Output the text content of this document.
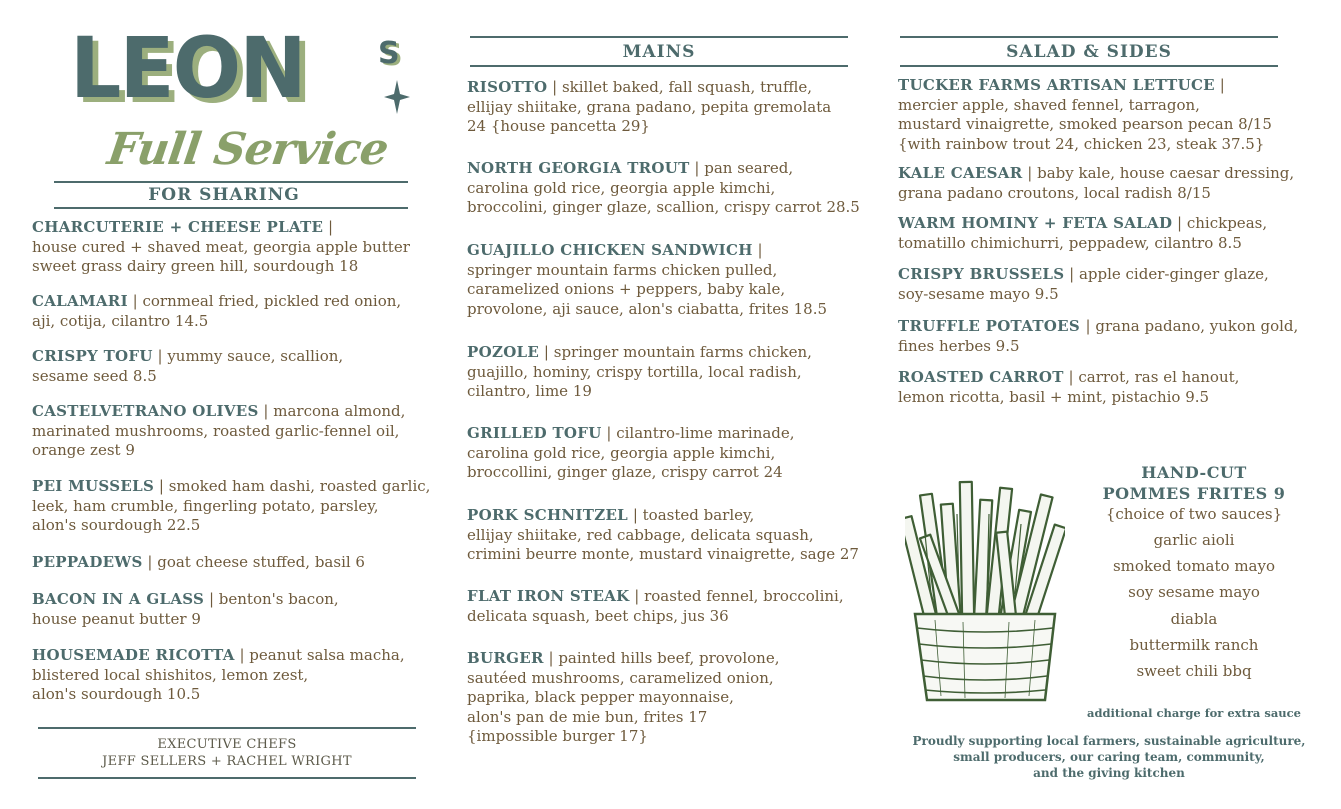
LEON S
Full Service
FOR SHARING
CHARCUTERIE + CHEESE PLATE |
house cured + shaved meat, georgia apple butter
sweet grass dairy green hill, sourdough 18
CALAMARI | cornmeal fried, pickled red onion,
aji, cotija, cilantro 14.5
CRISPY TOFU | yummy sauce, scallion,
sesame seed 8.5
CASTELVETRANO OLIVES | marcona almond,
marinated mushrooms, roasted garlic-fennel oil,
orange zest 9
PEI MUSSELS | smoked ham dashi, roasted garlic,
leek, ham crumble, fingerling potato, parsley,
alon's sourdough 22.5
PEPPADEWS | goat cheese stuffed, basil 6
BACON IN A GLASS | benton's bacon,
house peanut butter 9
HOUSEMADE RICOTTA | peanut salsa macha,
blistered local shishitos, lemon zest,
alon's sourdough 10.5
EXECUTIVE CHEFS
JEFF SELLERS + RACHEL WRIGHT
MAINS
RISOTTO | skillet baked, fall squash, truffle,
ellijay shiitake, grana padano, pepita gremolata
24 {house pancetta 29}
NORTH GEORGIA TROUT | pan seared,
carolina gold rice, georgia apple kimchi,
broccolini, ginger glaze, scallion, crispy carrot 28.5
GUAJILLO CHICKEN SANDWICH |
springer mountain farms chicken pulled,
caramelized onions + peppers, baby kale,
provolone, aji sauce, alon's ciabatta, frites 18.5
POZOLE | springer mountain farms chicken,
guajillo, hominy, crispy tortilla, local radish,
cilantro, lime 19
GRILLED TOFU | cilantro-lime marinade,
carolina gold rice, georgia apple kimchi,
broccollini, ginger glaze, crispy carrot 24
PORK SCHNITZEL | toasted barley,
ellijay shiitake, red cabbage, delicata squash,
crimini beurre monte, mustard vinaigrette, sage 27
FLAT IRON STEAK | roasted fennel, broccolini,
delicata squash, beet chips, jus 36
BURGER | painted hills beef, provolone,
sautéed mushrooms, caramelized onion,
paprika, black pepper mayonnaise,
alon's pan de mie bun, frites 17
{impossible burger 17}
SALAD & SIDES
TUCKER FARMS ARTISAN LETTUCE |
mercier apple, shaved fennel, tarragon,
mustard vinaigrette, smoked pearson pecan 8/15
{with rainbow trout 24, chicken 23, steak 37.5}
KALE CAESAR | baby kale, house caesar dressing,
grana padano croutons, local radish 8/15
WARM HOMINY + FETA SALAD | chickpeas,
tomatillo chimichurri, peppadew, cilantro 8.5
CRISPY BRUSSELS | apple cider-ginger glaze,
soy-sesame mayo 9.5
TRUFFLE POTATOES | grana padano, yukon gold,
fines herbes 9.5
ROASTED CARROT | carrot, ras el hanout,
lemon ricotta, basil + mint, pistachio 9.5
HAND-CUT
POMMES FRITES 9
{choice of two sauces}
garlic aioli
smoked tomato mayo
soy sesame mayo
diabla
buttermilk ranch
sweet chili bbq
additional charge for extra sauce
Proudly supporting local farmers, sustainable agriculture,
small producers, our caring team, community,
and the giving kitchen
